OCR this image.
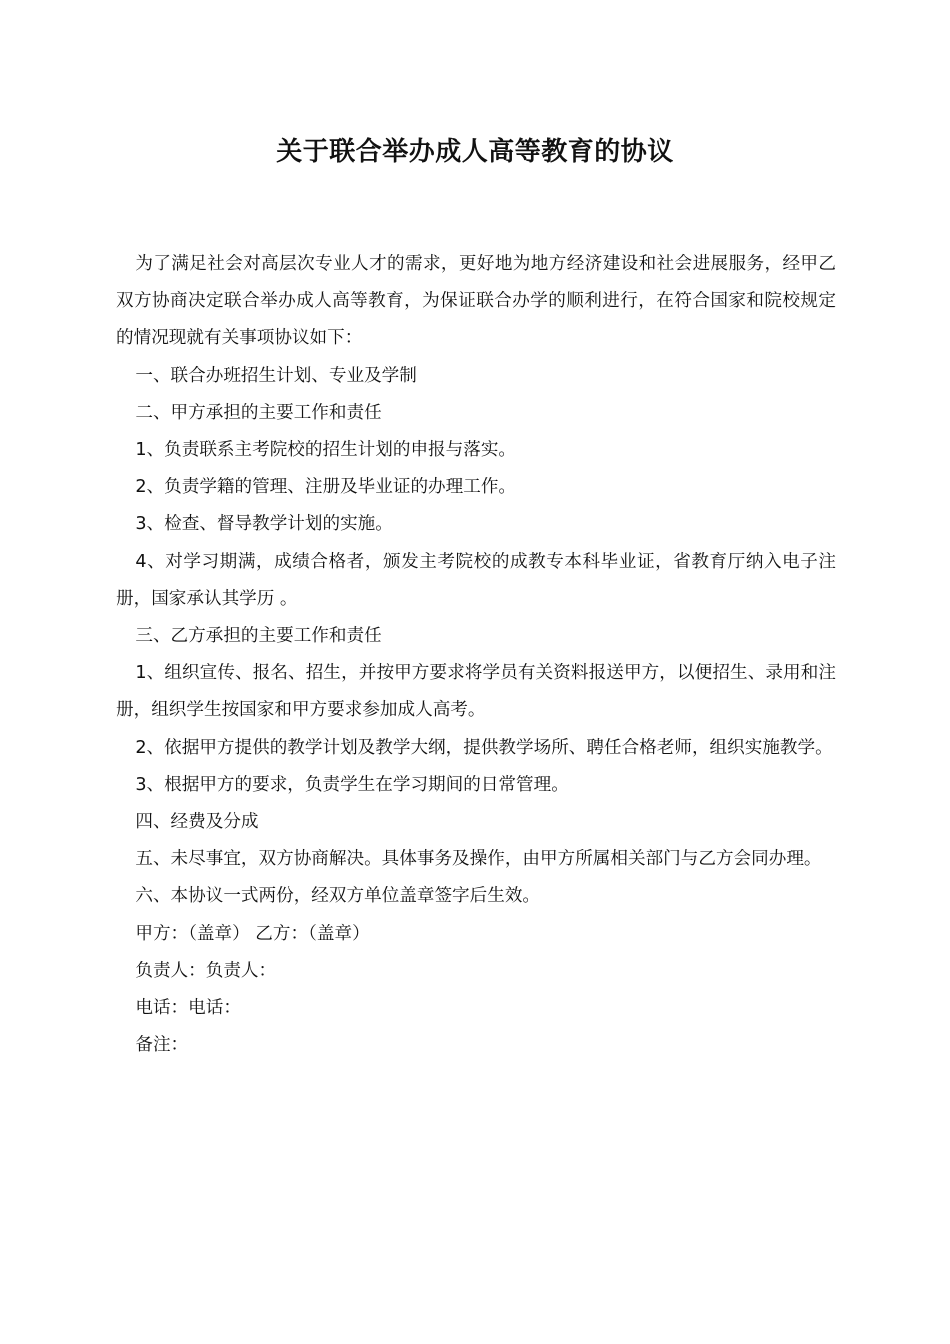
关于联合举办成人高等教育的协议

为了满足社会对高层次专业人才的需求，更好地为地方经济建设和社会进展服务，经甲乙双方协商决定联合举办成人高等教育，为保证联合办学的顺利进行，在符合国家和院校规定的情况现就有关事项协议如下：

一、联合办班招生计划、专业及学制

二、甲方承担的主要工作和责任

1、负责联系主考院校的招生计划的申报与落实。

2、负责学籍的管理、注册及毕业证的办理工作。

3、检查、督导教学计划的实施。

4、对学习期满，成绩合格者，颁发主考院校的成教专本科毕业证，省教育厅纳入电子注册，国家承认其学历 。

三、乙方承担的主要工作和责任

1、组织宣传、报名、招生，并按甲方要求将学员有关资料报送甲方，以便招生、录用和注册，组织学生按国家和甲方要求参加成人高考。

2、依据甲方提供的教学计划及教学大纲，提供教学场所、聘任合格老师，组织实施教学。

3、根据甲方的要求，负责学生在学习期间的日常管理。

四、经费及分成

五、未尽事宜，双方协商解决。具体事务及操作，由甲方所属相关部门与乙方会同办理。

六、本协议一式两份，经双方单位盖章签字后生效。

甲方：（盖章） 乙方：（盖章）

负责人：负责人：

电话：电话：

备注：
